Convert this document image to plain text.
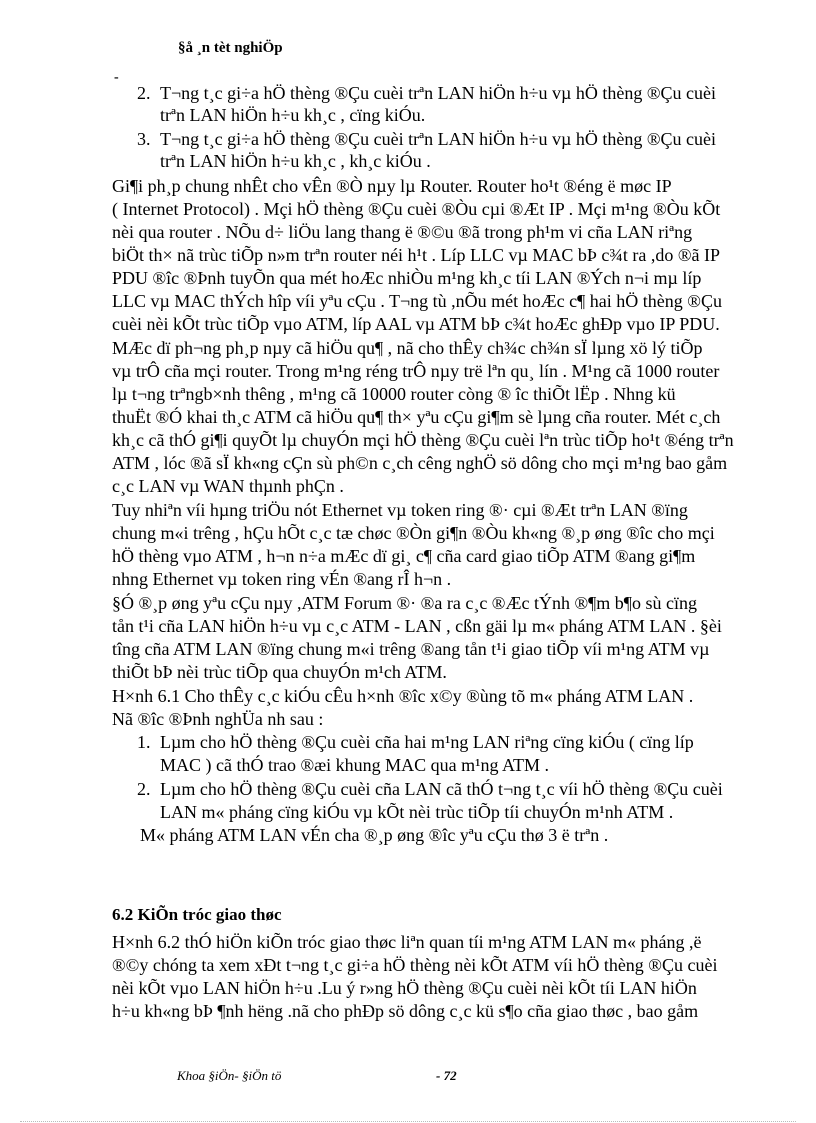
§å ¸n tèt nghiÖp
-
2. T¬ng t¸c gi÷a hÖ thèng ®Çu cuèi trªn LAN hiÖn h÷u vµ hÖ thèng ®Çu cuèi
trªn LAN hiÖn h÷u kh¸c , cïng kiÓu.
3. T¬ng t¸c gi÷a hÖ thèng ®Çu cuèi trªn LAN hiÖn h÷u vµ hÖ thèng ®Çu cuèi
trªn LAN hiÖn h÷u kh¸c , kh¸c kiÓu .
Gi¶i ph¸p chung nhÊt cho vÊn ®Ò nµy lµ Router. Router ho¹t ®éng ë møc IP
( Internet Protocol) . Mçi hÖ thèng ®Çu cuèi ®Òu cµi ®Æt IP . Mçi m¹ng ®Òu kÕt
nèi qua router . NÕu d÷ liÖu lang thang ë ®©u ®ã trong ph¹m vi cña LAN riªng
biÖt th× nã trùc tiÕp n»m trªn router néi h¹t . Líp LLC vµ MAC bÞ c¾t ra ,do ®ã IP
PDU ®îc ®Þnh tuyÕn qua mét hoÆc nhiÒu m¹ng kh¸c tíi LAN ®Ých n¬i mµ líp
LLC vµ MAC thÝch hîp víi yªu cÇu . T¬ng tù ,nÕu mét hoÆc c¶ hai hÖ thèng ®Çu
cuèi nèi kÕt trùc tiÕp vµo ATM, líp AAL vµ ATM bÞ c¾t hoÆc ghÐp vµo IP PDU.
MÆc dï ph¬ng ph¸p nµy cã hiÖu qu¶ , nã cho thÊy ch¾c ch¾n sÏ lµng xö lý tiÕp
vµ trÔ cña mçi router. Trong m¹ng réng trÔ nµy trë lªn qu¸ lín . M¹ng cã 1000 router
lµ t¬ng trªngb×nh thêng , m¹ng cã 10000 router còng ® îc thiÕt lËp . Nhng kü
thuËt ®Ó khai th¸c ATM cã hiÖu qu¶ th× yªu cÇu gi¶m sè lµng cña router. Mét c¸ch
kh¸c cã thÓ gi¶i quyÕt lµ chuyÓn mçi hÖ thèng ®Çu cuèi lªn trùc tiÕp ho¹t ®éng trªn
ATM , lóc ®ã sÏ kh«ng cÇn sù ph©n c¸ch cêng nghÖ sö dông cho mçi m¹ng bao gåm
c¸c LAN vµ WAN thµnh phÇn .
Tuy nhiªn víi hµng triÖu nót Ethernet vµ token ring ®· cµi ®Æt trªn LAN ®ïng
chung m«i trêng , hÇu hÕt c¸c tæ chøc ®Òn gi¶n ®Òu kh«ng ®¸p øng ®îc cho mçi
hÖ thèng vµo ATM , h¬n n÷a mÆc dï gi¸ c¶ cña card giao tiÕp ATM ®ang gi¶m
nhng Ethernet vµ token ring vÉn ®ang rÎ h¬n .
§Ó ®¸p øng yªu cÇu nµy ,ATM Forum ®· ®a ra c¸c ®Æc tÝnh ®¶m b¶o sù cïng
tån t¹i cña LAN hiÖn h÷u vµ c¸c ATM - LAN , cßn gäi lµ m« pháng ATM LAN . §èi
tîng cña ATM LAN ®ïng chung m«i trêng ®ang tån t¹i giao tiÕp víi m¹ng ATM vµ
thiÕt bÞ nèi trùc tiÕp qua chuyÓn m¹ch ATM.
H×nh 6.1 Cho thÊy c¸c kiÓu cÊu h×nh ®îc x©y ®ùng tõ m« pháng ATM LAN .
Nã ®îc ®Þnh nghÜa nh sau :
1. Lµm cho hÖ thèng ®Çu cuèi cña hai m¹ng LAN riªng cïng kiÓu ( cïng líp
MAC ) cã thÓ trao ®æi khung MAC qua m¹ng ATM .
2. Lµm cho hÖ thèng ®Çu cuèi cña LAN cã thÓ t¬ng t¸c víi hÖ thèng ®Çu cuèi
LAN m« pháng cïng kiÓu vµ kÕt nèi trùc tiÕp tíi chuyÓn m¹nh ATM .
M« pháng ATM LAN vÉn cha ®¸p øng ®îc yªu cÇu thø 3 ë trªn .
6.2 KiÕn tróc giao thøc
H×nh 6.2 thÓ hiÖn kiÕn tróc giao thøc liªn quan tíi m¹ng ATM LAN m« pháng ,ë
®©y chóng ta xem xÐt t¬ng t¸c gi÷a hÖ thèng nèi kÕt ATM víi hÖ thèng ®Çu cuèi
nèi kÕt vµo LAN hiÖn h÷u .Lu ý r»ng hÖ thèng ®Çu cuèi nèi kÕt tíi LAN hiÖn
h÷u kh«ng bÞ ¶nh hëng .nã cho phÐp sö dông c¸c kü s¶o cña giao thøc , bao gåm
Khoa §iÖn- §iÖn tö	- 72
